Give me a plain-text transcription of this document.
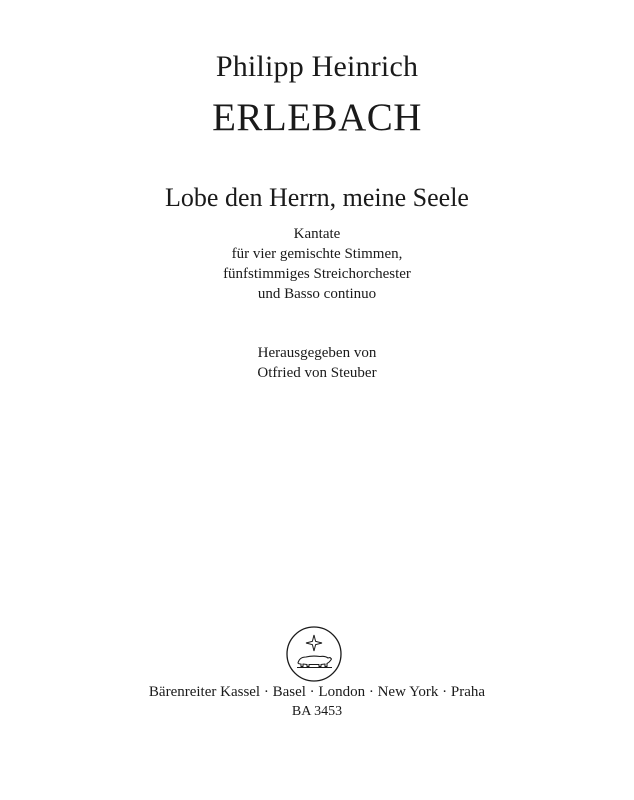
Philipp Heinrich
ERLEBACH
Lobe den Herrn, meine Seele
Kantate
für vier gemischte Stimmen,
fünfstimmiges Streichorchester
und Basso continuo
Herausgegeben von
Otfried von Steuber
Bärenreiter Kassel · Basel · London · New York · Praha
BA 3453
